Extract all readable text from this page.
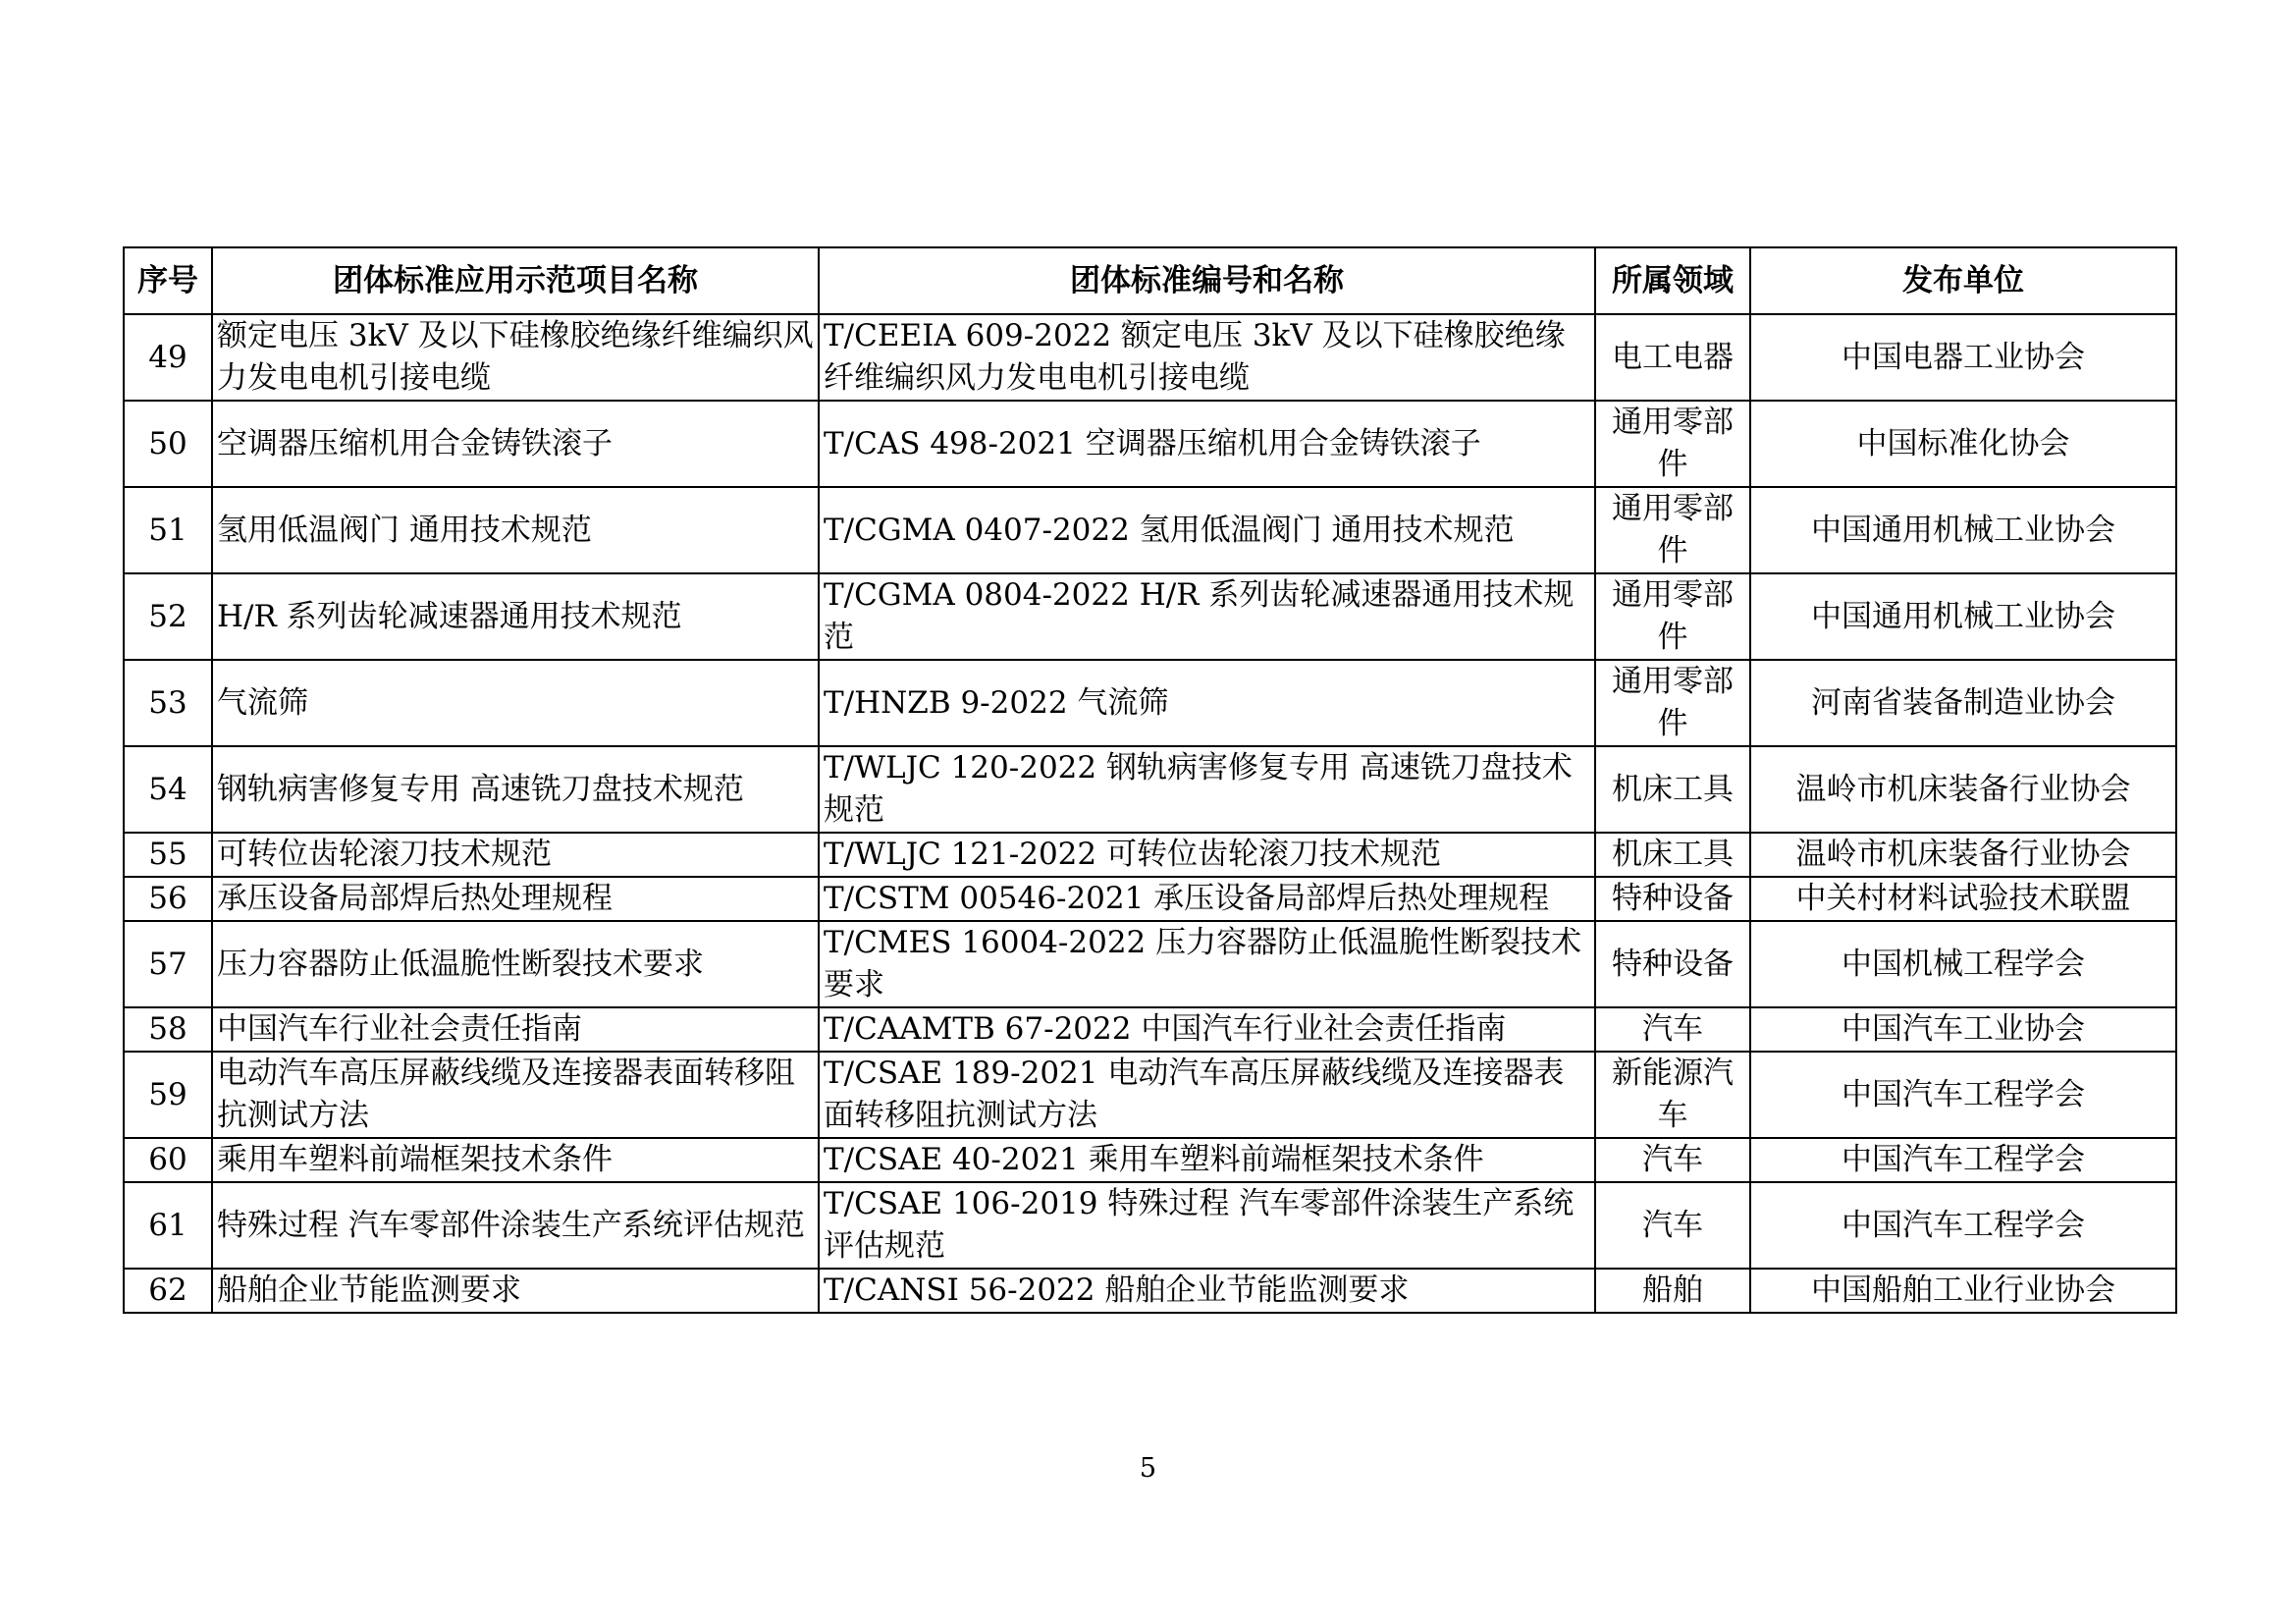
序号	团体标准应用示范项目名称	团体标准编号和名称	所属领域	发布单位
49	额定电压 3kV 及以下硅橡胶绝缘纤维编织风力发电电机引接电缆	T/CEEIA 609-2022 额定电压 3kV 及以下硅橡胶绝缘纤维编织风力发电电机引接电缆	电工电器	中国电器工业协会
50	空调器压缩机用合金铸铁滚子	T/CAS 498-2021 空调器压缩机用合金铸铁滚子	通用零部件	中国标准化协会
51	氢用低温阀门 通用技术规范	T/CGMA 0407-2022 氢用低温阀门 通用技术规范	通用零部件	中国通用机械工业协会
52	H/R 系列齿轮减速器通用技术规范	T/CGMA 0804-2022 H/R 系列齿轮减速器通用技术规范	通用零部件	中国通用机械工业协会
53	气流筛	T/HNZB 9-2022 气流筛	通用零部件	河南省装备制造业协会
54	钢轨病害修复专用 高速铣刀盘技术规范	T/WLJC 120-2022 钢轨病害修复专用 高速铣刀盘技术规范	机床工具	温岭市机床装备行业协会
55	可转位齿轮滚刀技术规范	T/WLJC 121-2022 可转位齿轮滚刀技术规范	机床工具	温岭市机床装备行业协会
56	承压设备局部焊后热处理规程	T/CSTM 00546-2021 承压设备局部焊后热处理规程	特种设备	中关村材料试验技术联盟
57	压力容器防止低温脆性断裂技术要求	T/CMES 16004-2022 压力容器防止低温脆性断裂技术要求	特种设备	中国机械工程学会
58	中国汽车行业社会责任指南	T/CAAMTB 67-2022 中国汽车行业社会责任指南	汽车	中国汽车工业协会
59	电动汽车高压屏蔽线缆及连接器表面转移阻抗测试方法	T/CSAE 189-2021 电动汽车高压屏蔽线缆及连接器表面转移阻抗测试方法	新能源汽车	中国汽车工程学会
60	乘用车塑料前端框架技术条件	T/CSAE 40-2021 乘用车塑料前端框架技术条件	汽车	中国汽车工程学会
61	特殊过程 汽车零部件涂装生产系统评估规范	T/CSAE 106-2019 特殊过程 汽车零部件涂装生产系统评估规范	汽车	中国汽车工程学会
62	船舶企业节能监测要求	T/CANSI 56-2022 船舶企业节能监测要求	船舶	中国船舶工业行业协会
5
